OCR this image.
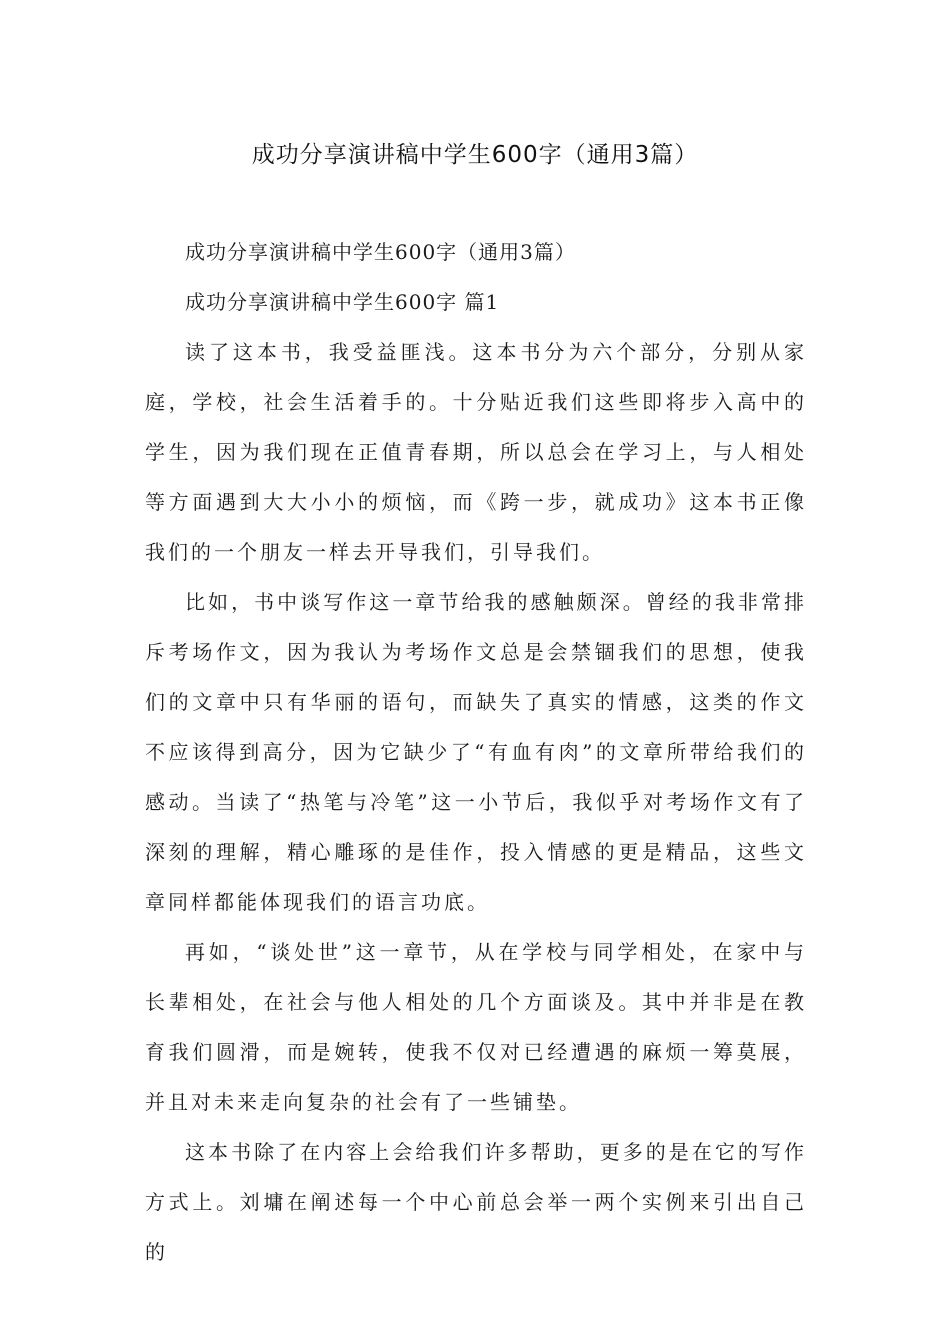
成功分享演讲稿中学生600字（通用3篇）
成功分享演讲稿中学生600字（通用3篇）
成功分享演讲稿中学生600字 篇1

读了这本书，我受益匪浅。这本书分为六个部分，分别从家庭，学校，社会生活着手的。十分贴近我们这些即将步入高中的学生，因为我们现在正值青春期，所以总会在学习上，与人相处等方面遇到大大小小的烦恼，而《跨一步，就成功》这本书正像我们的一个朋友一样去开导我们，引导我们。

比如，书中谈写作这一章节给我的感触颇深。曾经的我非常排斥考场作文，因为我认为考场作文总是会禁锢我们的思想，使我们的文章中只有华丽的语句，而缺失了真实的情感，这类的作文不应该得到高分，因为它缺少了“有血有肉”的文章所带给我们的感动。当读了“热笔与冷笔”这一小节后，我似乎对考场作文有了深刻的理解，精心雕琢的是佳作，投入情感的更是精品，这些文章同样都能体现我们的语言功底。

再如，“谈处世”这一章节，从在学校与同学相处，在家中与长辈相处，在社会与他人相处的几个方面谈及。其中并非是在教育我们圆滑，而是婉转，使我不仅对已经遭遇的麻烦一筹莫展，并且对未来走向复杂的社会有了一些铺垫。

这本书除了在内容上会给我们许多帮助，更多的是在它的写作方式上。刘墉在阐述每一个中心前总会举一两个实例来引出自己的
